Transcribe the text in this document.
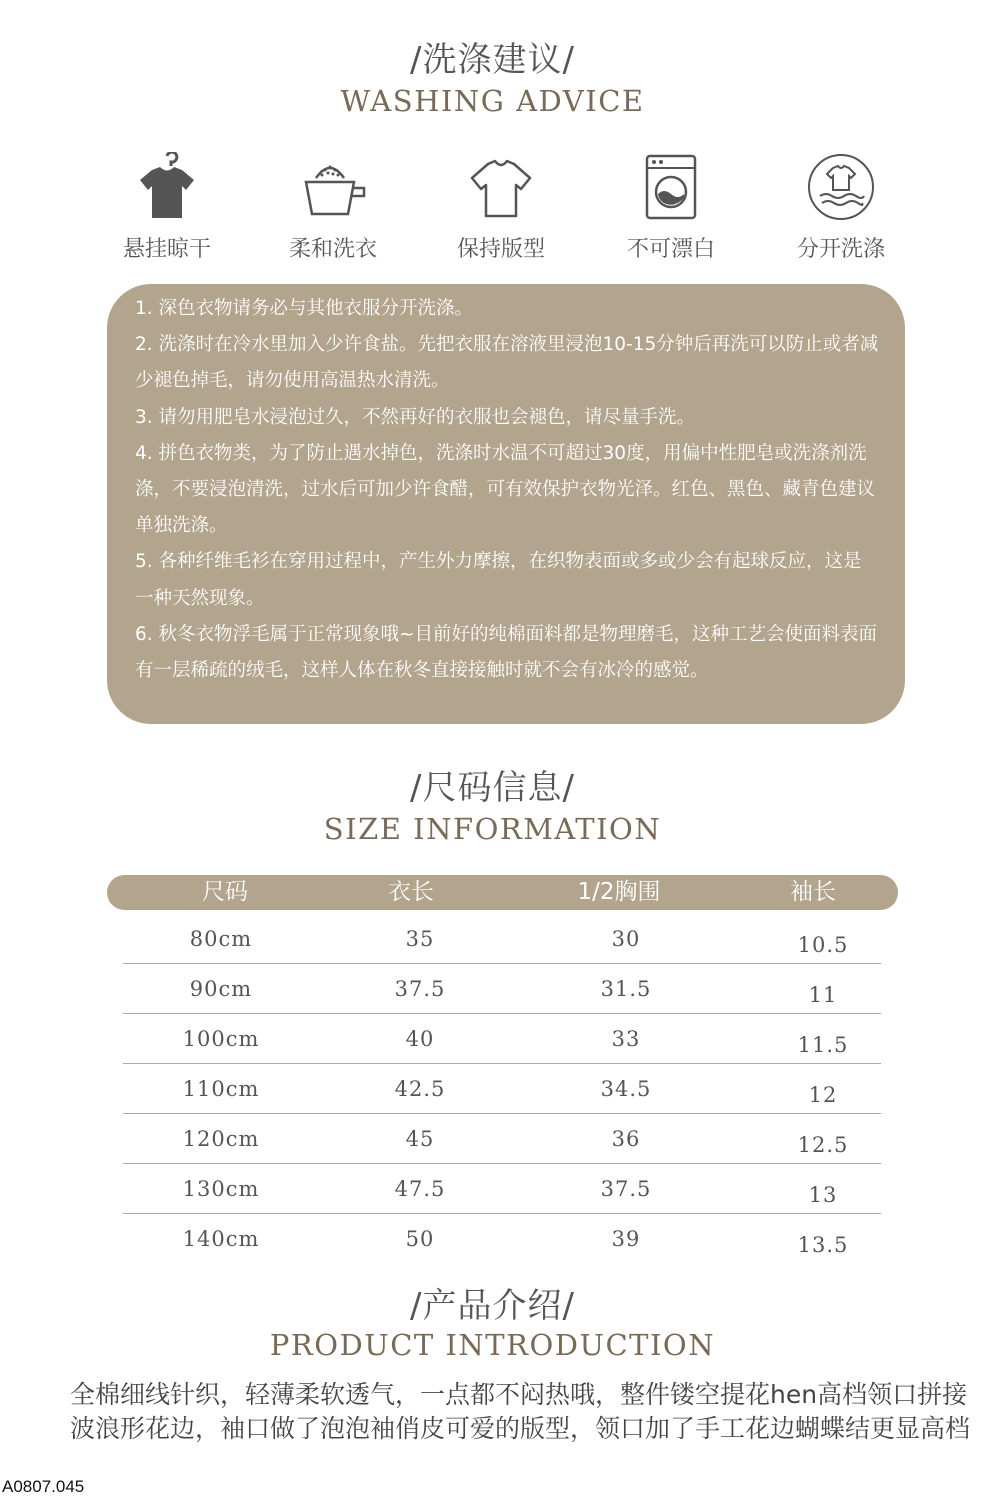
/洗涤建议/
WASHING ADVICE
悬挂晾干	柔和洗衣	保持版型	不可漂白	分开洗涤

1. 深色衣物请务必与其他衣服分开洗涤。

2. 洗涤时在冷水里加入少许食盐。先把衣服在溶液里浸泡10-15分钟后再洗可以防止或者减少褪色掉毛，请勿使用高温热水清洗。

3. 请勿用肥皂水浸泡过久，不然再好的衣服也会褪色，请尽量手洗。

4. 拼色衣物类，为了防止遇水掉色，洗涤时水温不可超过30度，用偏中性肥皂或洗涤剂洗涤，不要浸泡清洗，过水后可加少许食醋，可有效保护衣物光泽。红色、黑色、藏青色建议单独洗涤。

5. 各种纤维毛衫在穿用过程中，产生外力摩擦，在织物表面或多或少会有起球反应，这是一种天然现象。

6. 秋冬衣物浮毛属于正常现象哦~目前好的纯棉面料都是物理磨毛，这种工艺会使面料表面有一层稀疏的绒毛，这样人体在秋冬直接接触时就不会有冰冷的感觉。

/尺码信息/
SIZE INFORMATION
尺码	衣长	1/2胸围	袖长
80cm	35	30	10.5
90cm	37.5	31.5	11
100cm	40	33	11.5
110cm	42.5	34.5	12
120cm	45	36	12.5
130cm	47.5	37.5	13
140cm	50	39	13.5
/产品介绍/
PRODUCT INTRODUCTION
全棉细线针织，轻薄柔软透气，一点都不闷热哦，整件镂空提花hen高档领口拼接波浪形花边，袖口做了泡泡袖俏皮可爱的版型，领口加了手工花边蝴蝶结更显高档
A0807.045
